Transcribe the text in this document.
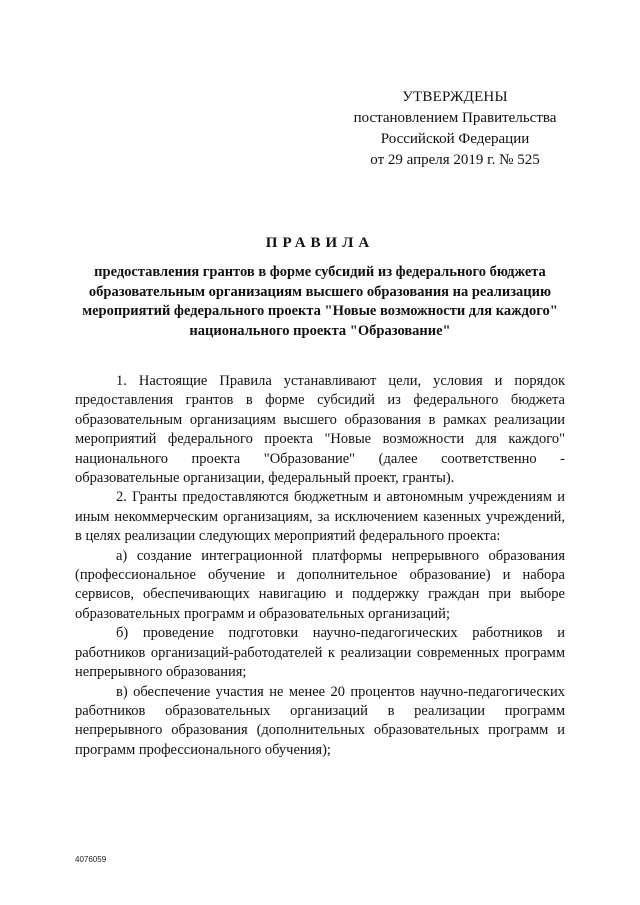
УТВЕРЖДЕНЫ
постановлением Правительства
Российской Федерации
от 29 апреля 2019 г. № 525
ПРАВИЛА
предоставления грантов в форме субсидий из федерального бюджета образовательным организациям высшего образования на реализацию мероприятий федерального проекта "Новые возможности для каждого" национального проекта "Образование"

1. Настоящие Правила устанавливают цели, условия и порядок предоставления грантов в форме субсидий из федерального бюджета образовательным организациям высшего образования в рамках реализации мероприятий федерального проекта "Новые возможности для каждого" национального проекта "Образование" (далее соответственно - образовательные организации, федеральный проект, гранты).

2. Гранты предоставляются бюджетным и автономным учреждениям и иным некоммерческим организациям, за исключением казенных учреждений, в целях реализации следующих мероприятий федерального проекта:

а) создание интеграционной платформы непрерывного образования (профессиональное обучение и дополнительное образование) и набора сервисов, обеспечивающих навигацию и поддержку граждан при выборе образовательных программ и образовательных организаций;

б) проведение подготовки научно-педагогических работников и работников организаций-работодателей к реализации современных программ непрерывного образования;

в) обеспечение участия не менее 20 процентов научно-педагогических работников образовательных организаций в реализации программ непрерывного образования (дополнительных образовательных программ и программ профессионального обучения);

4076059
